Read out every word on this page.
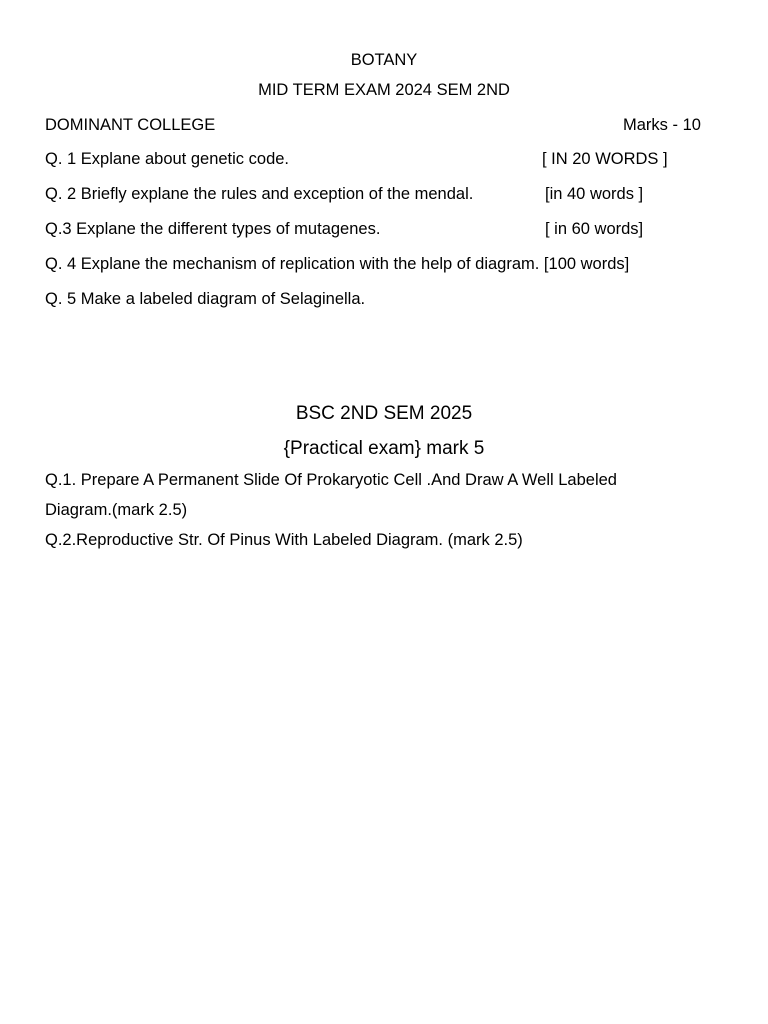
BOTANY
MID TERM EXAM 2024 SEM 2ND
DOMINANT COLLEGE	Marks - 10
Q. 1 Explane about genetic code.	[ IN 20 WORDS ]
Q. 2 Briefly explane the rules and exception of the mendal.	[in 40 words ]
Q.3 Explane the different types of mutagenes.	[ in 60 words]
Q. 4 Explane the mechanism of replication with the help of diagram. [100 words]
Q. 5 Make a labeled diagram of Selaginella.
BSC 2ND SEM 2025
{Practical exam} mark 5
Q.1. Prepare A Permanent Slide Of Prokaryotic Cell .And Draw A Well Labeled
Diagram.(mark 2.5)
Q.2.Reproductive Str. Of Pinus With Labeled Diagram. (mark 2.5)
